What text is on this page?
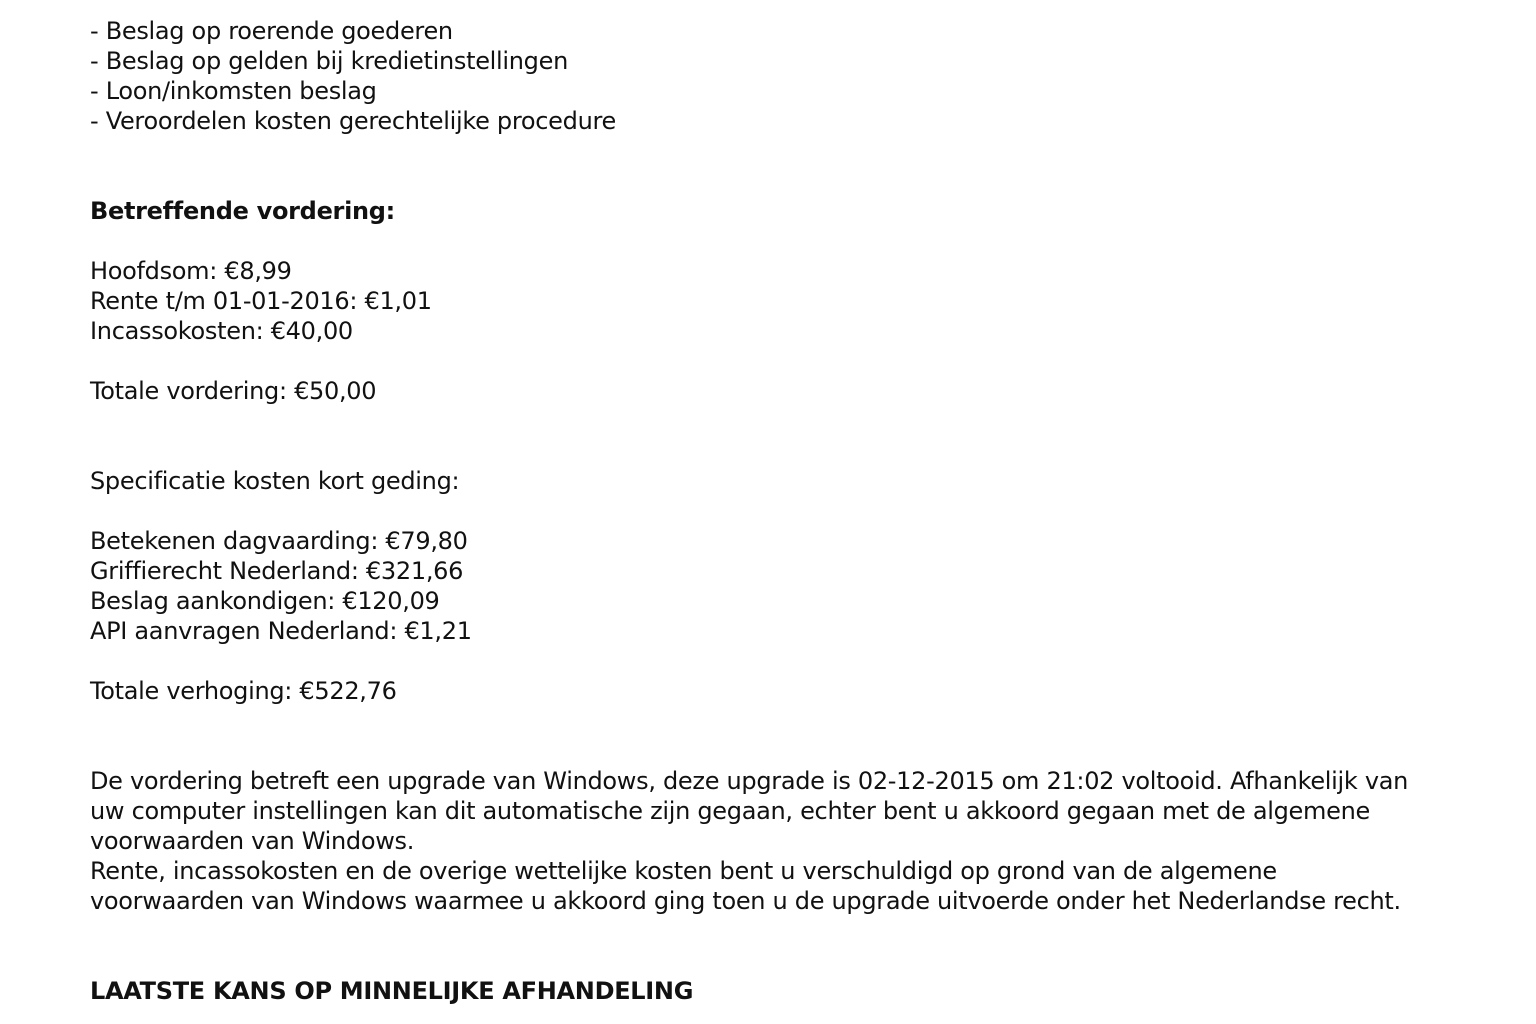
- Beslag op roerende goederen
- Beslag op gelden bij kredietinstellingen
- Loon/inkomsten beslag
- Veroordelen kosten gerechtelijke procedure
Betreffende vordering:
Hoofdsom: €8,99
Rente t/m 01-01-2016: €1,01
Incassokosten: €40,00
Totale vordering: €50,00
Specificatie kosten kort geding:
Betekenen dagvaarding: €79,80
Griffierecht Nederland: €321,66
Beslag aankondigen: €120,09
API aanvragen Nederland: €1,21
Totale verhoging: €522,76
De vordering betreft een upgrade van Windows, deze upgrade is 02-12-2015 om 21:02 voltooid. Afhankelijk van
uw computer instellingen kan dit automatische zijn gegaan, echter bent u akkoord gegaan met de algemene
voorwaarden van Windows.
Rente, incassokosten en de overige wettelijke kosten bent u verschuldigd op grond van de algemene
voorwaarden van Windows waarmee u akkoord ging toen u de upgrade uitvoerde onder het Nederlandse recht.
LAATSTE KANS OP MINNELIJKE AFHANDELING
